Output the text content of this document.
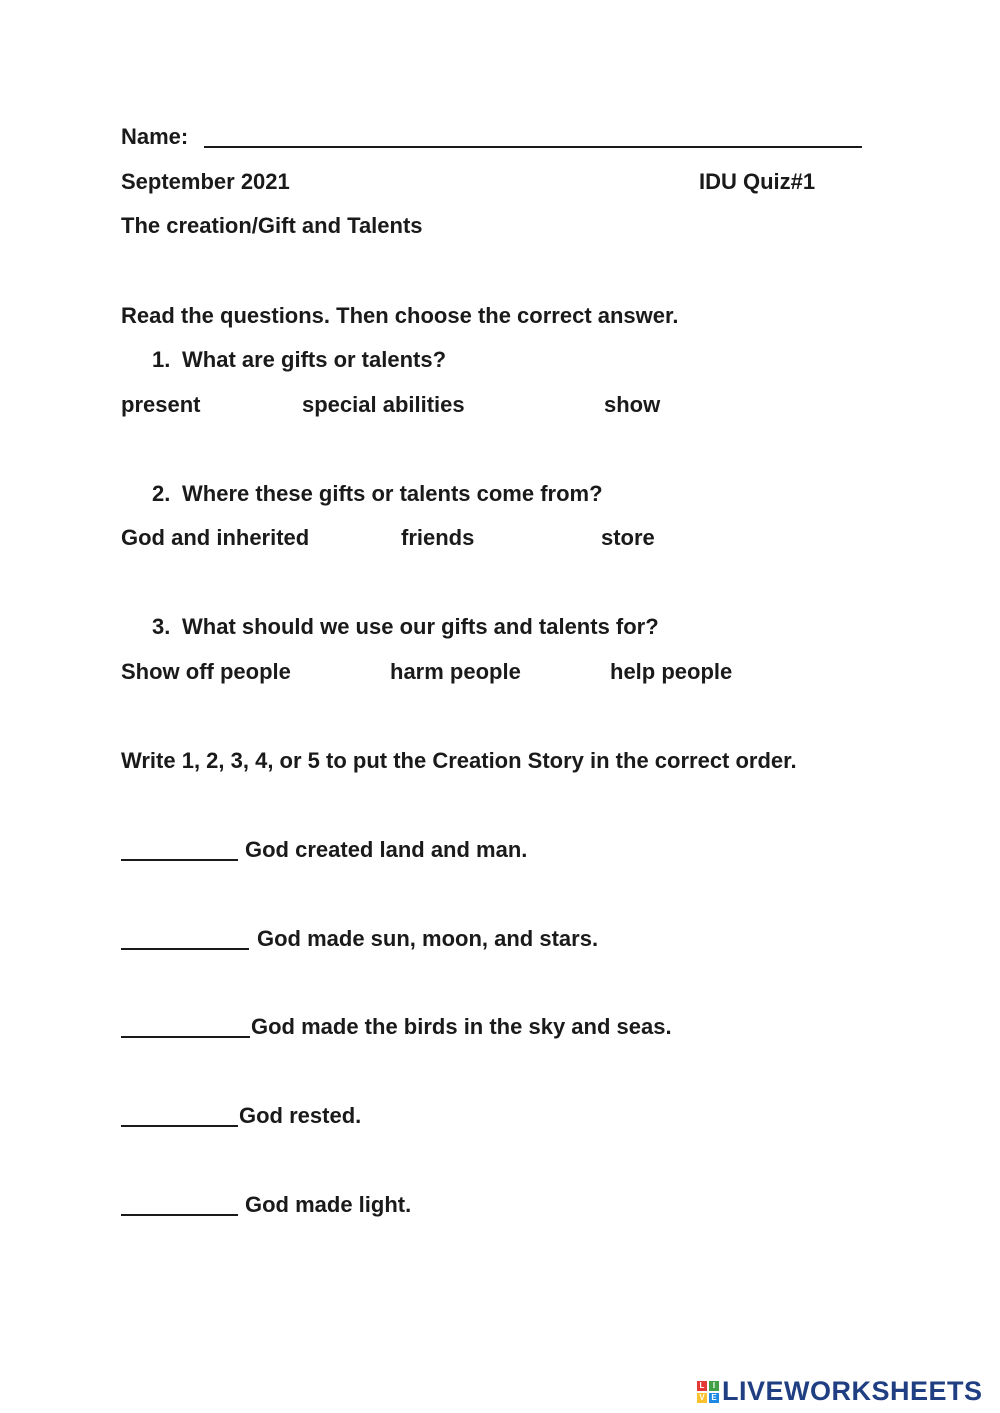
Name:
September 2021	IDU Quiz#1
The creation/Gift and Talents
Read the questions. Then choose the correct answer.
1. What are gifts or talents?
present	special abilities	show
2. Where these gifts or talents come from?
God and inherited	friends	store
3. What should we use our gifts and talents for?
Show off people	harm people	help people
Write 1, 2, 3, 4, or 5 to put the Creation Story in the correct order.
God created land and man.
God made sun, moon, and stars.
God made the birds in the sky and seas.
God rested.
God made light.
L	I
V E LIVEWORKSHEETS
